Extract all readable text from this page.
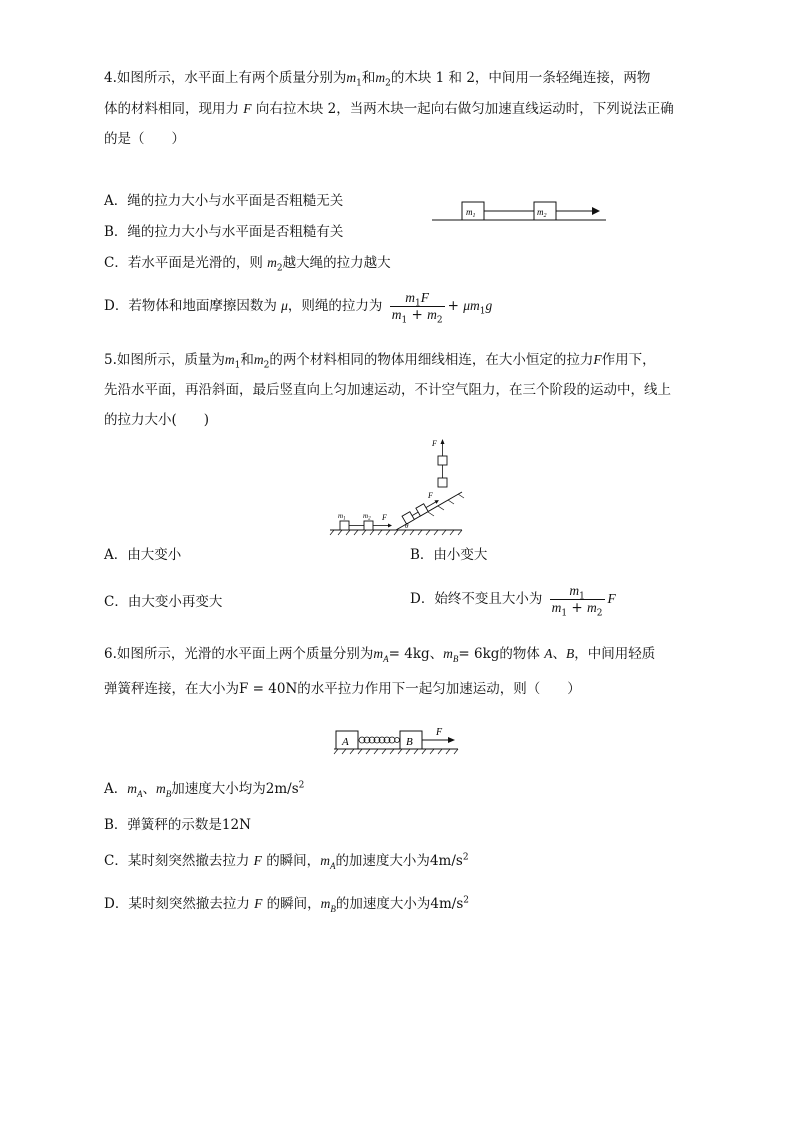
4.如图所示，水平面上有两个质量分别为$m_1$和$m_2$的木块 1 和 2，中间用一条轻绳连接，两物
体的材料相同，现用力 F 向右拉木块 2，当两木块一起向右做匀加速直线运动时，下列说法正确
的是（　　）
A．绳的拉力大小与水平面是否粗糙无关
B．绳的拉力大小与水平面是否粗糙有关
C．若水平面是光滑的，则 $m_2$越大绳的拉力越大
D．若物体和地面摩擦因数为 μ，则绳的拉力为 $\frac{m_1F}{m_1 + m_2} + \mu m_1g$
$m_1$	$m_2$
5.如图所示，质量为$m_1$和$m_2$的两个材料相同的物体用细线相连，在大小恒定的拉力F作用下，
先沿水平面，再沿斜面，最后竖直向上匀加速运动，不计空气阻力，在三个阶段的运动中，线上
的拉力大小(　　)
$m_1$ $m_2$ F
F
θ
F
A．由大变小	B．由小变大
C．由大变小再变大	D．始终不变且大小为 $\frac{m_1}{m_1 + m_2}$ F
6.如图所示，光滑的水平面上两个质量分别为$m_A= 4kg$、$m_B= 6kg$的物体 A、B，中间用轻质
弹簧秤连接，在大小为F = 40N的水平拉力作用下一起匀加速运动，则（　　）
A	B
F
A．$m_A$、$m_B$加速度大小均为$2m/s^2$
B．弹簧秤的示数是12N
C．某时刻突然撤去拉力 F 的瞬间，$m_A$的加速度大小为$4m/s^2$
D．某时刻突然撤去拉力 F 的瞬间，$m_B$的加速度大小为$4m/s^2$
